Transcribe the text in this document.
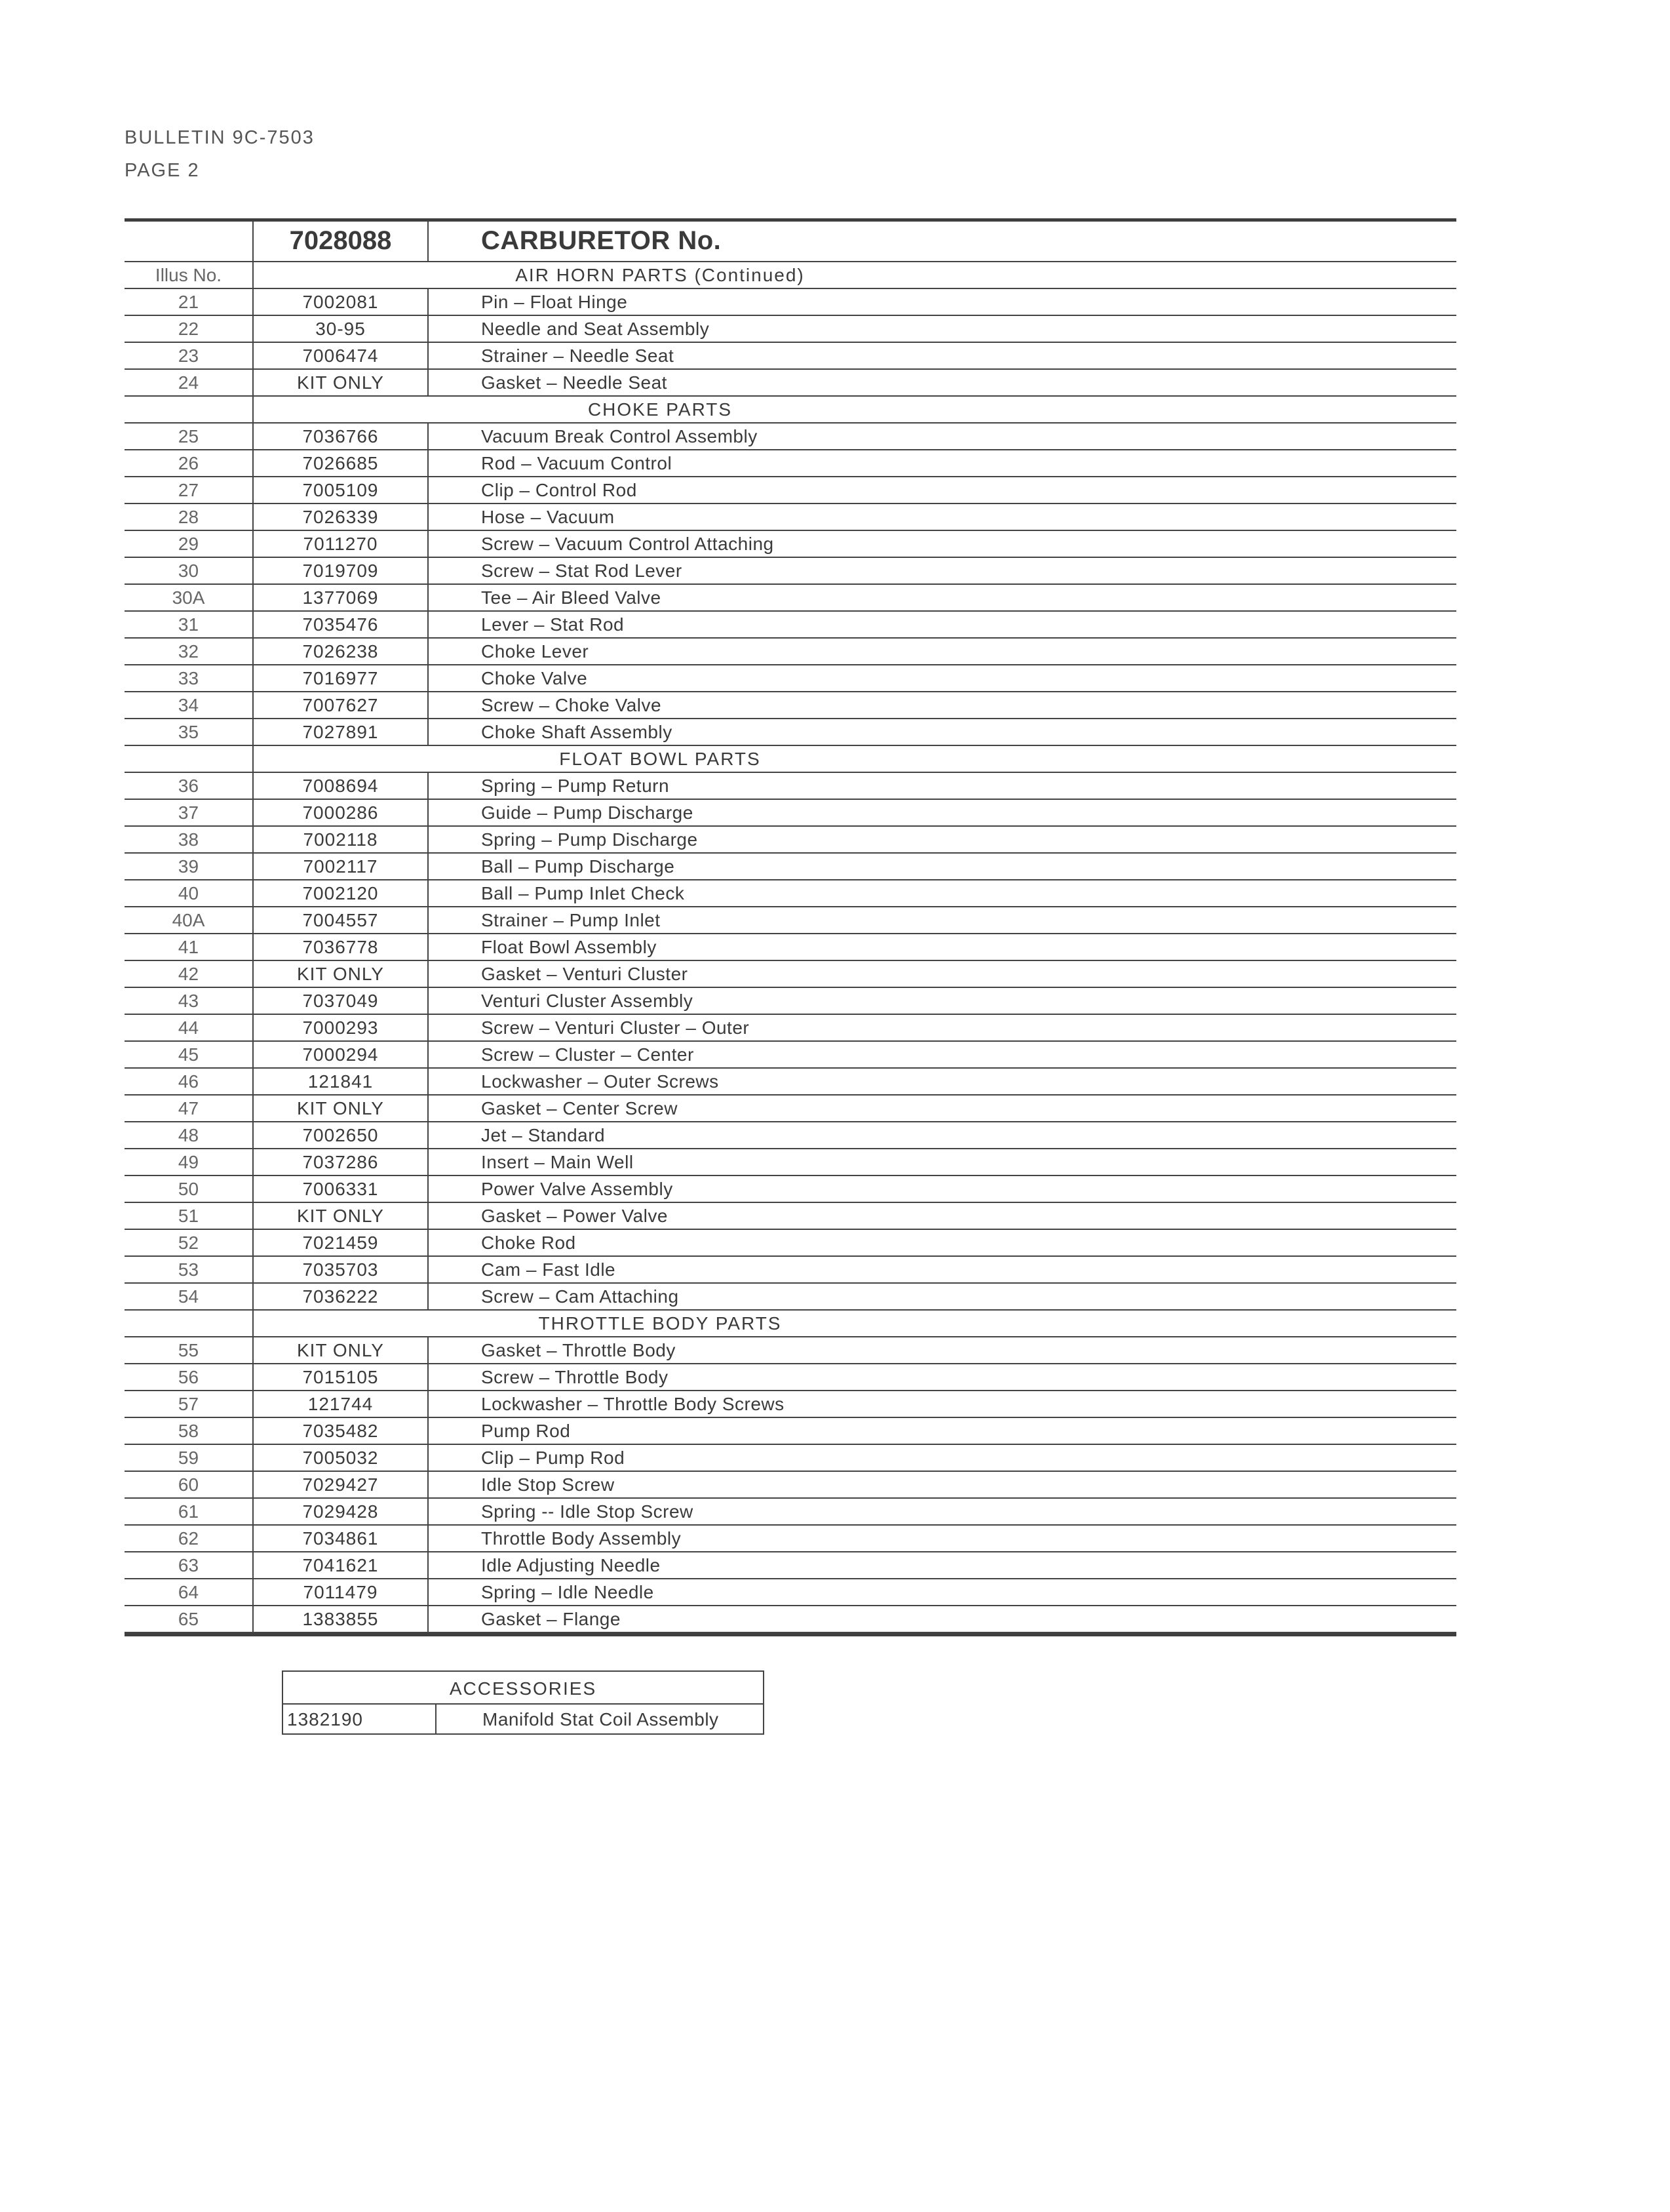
BULLETIN 9C-7503
PAGE 2
7028088	CARBURETOR No.
Illus No.	AIR HORN PARTS (Continued)
21	7002081	Pin – Float Hinge
22	30-95	Needle and Seat Assembly
23	7006474	Strainer – Needle Seat
24	KIT ONLY	Gasket – Needle Seat
CHOKE PARTS
25	7036766	Vacuum Break Control Assembly
26	7026685	Rod – Vacuum Control
27	7005109	Clip – Control Rod
28	7026339	Hose – Vacuum
29	7011270	Screw – Vacuum Control Attaching
30	7019709	Screw – Stat Rod Lever
30A	1377069	Tee – Air Bleed Valve
31	7035476	Lever – Stat Rod
32	7026238	Choke Lever
33	7016977	Choke Valve
34	7007627	Screw – Choke Valve
35	7027891	Choke Shaft Assembly
FLOAT BOWL PARTS
36	7008694	Spring – Pump Return
37	7000286	Guide – Pump Discharge
38	7002118	Spring – Pump Discharge
39	7002117	Ball – Pump Discharge
40	7002120	Ball – Pump Inlet Check
40A	7004557	Strainer – Pump Inlet
41	7036778	Float Bowl Assembly
42	KIT ONLY	Gasket – Venturi Cluster
43	7037049	Venturi Cluster Assembly
44	7000293	Screw – Venturi Cluster – Outer
45	7000294	Screw – Cluster – Center
46	121841	Lockwasher – Outer Screws
47	KIT ONLY	Gasket – Center Screw
48	7002650	Jet – Standard
49	7037286	Insert – Main Well
50	7006331	Power Valve Assembly
51	KIT ONLY	Gasket – Power Valve
52	7021459	Choke Rod
53	7035703	Cam – Fast Idle
54	7036222	Screw – Cam Attaching
THROTTLE BODY PARTS
55	KIT ONLY	Gasket – Throttle Body
56	7015105	Screw – Throttle Body
57	121744	Lockwasher – Throttle Body Screws
58	7035482	Pump Rod
59	7005032	Clip – Pump Rod
60	7029427	Idle Stop Screw
61	7029428	Spring -- Idle Stop Screw
62	7034861	Throttle Body Assembly
63	7041621	Idle Adjusting Needle
64	7011479	Spring – Idle Needle
65	1383855	Gasket – Flange
ACCESSORIES
1382190	Manifold Stat Coil Assembly
